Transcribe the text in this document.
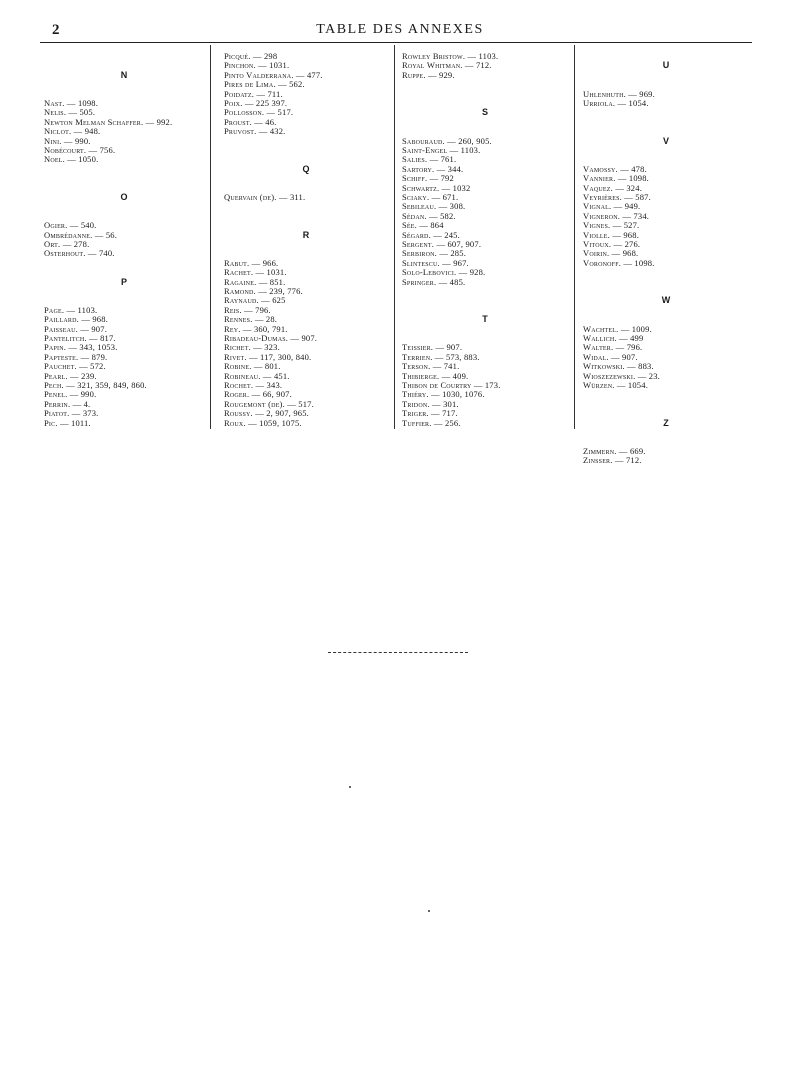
2	TABLE DES ANNEXES
N
Nast. — 1098.
Nelis. — 505.
Newton Melman Schaffer. — 992.
Niclot. — 948.
Nini. — 990.
Nobécourt. — 756.
Noel. — 1050.
O
Ogier. — 540.
Ombrédanne. — 56.
Ort. — 278.
Osterhout. — 740.
P
Page. — 1103.
Paillard. — 968.
Paisseau. — 907.
Pantelitch. — 817.
Papin. — 343, 1053.
Papteste. — 879.
Pauchet. — 572.
Pearl. — 239.
Pech. — 321, 359, 849, 860.
Penel. — 990.
Perrin. — 4.
Piatot. — 373.
Pic. — 1011.
Picqué. — 298
Pinchon. — 1031.
Pinto Valderrana. — 477.
Pires de Lima. — 562.
Poidatz. — 711.
Poix. — 225 397.
Pollosson. — 517.
Proust. — 46.
Pruvost. — 432.
Q
Quervain (de). — 311.
R
Rabut. — 966.
Rachet. — 1031.
Ragaine. — 851.
Ramond. — 239, 776.
Raynaud. — 625
Reis. — 796.
Rennes. — 28.
Rey. — 360, 791.
Ribadeau-Dumas. — 907.
Richet. — 323.
Rivet. — 117, 300, 840.
Robine. — 801.
Robineau. — 451.
Rochet. — 343.
Roger. — 66, 907.
Rougemont (de). — 517.
Roussy. — 2, 907, 965.
Roux. — 1059, 1075.
Rowley Bristow. — 1103.
Royal Whitman. — 712.
Ruppe. — 929.
S
Sabouraud. — 260, 905.
Saint-Engel — 1103.
Salies. — 761.
Sartory. — 344.
Schiff. — 792
Schwartz. — 1032
Sciaky. — 671.
Sebileau. — 308.
Sédan. — 582.
Sée. — 864
Ségard. — 245.
Sergent. — 607, 907.
Serbiron. — 285.
Slintescu. — 967.
Solo-Lebovici. — 928.
Springer. — 485.
T
Teissier. — 907.
Terrien. — 573, 883.
Terson. — 741.
Thibierge. — 409.
Thibon de Courtry — 173.
Thiéry. — 1030, 1076.
Tridon. — 301.
Triger. — 717.
Tuffier. — 256.
U
Uhlenhuth. — 969.
Urriola. — 1054.
V
Vamossy. — 478.
Vannier. — 1098.
Vaquez. — 324.
Veyrières. — 587.
Vignal. — 949.
Vigneron. — 734.
Vignes. — 527.
Violle. — 968.
Vitoux. — 276.
Voirin. — 968.
Voronoff. — 1098.
W
Wachtel. — 1009.
Wallich. — 499
Walter. — 796.
Widal. — 907.
Witkowski. — 883.
Wioszezewski. — 23.
Würzen. — 1054.
Z
Zimmern. — 669.
Zinsser. — 712.
